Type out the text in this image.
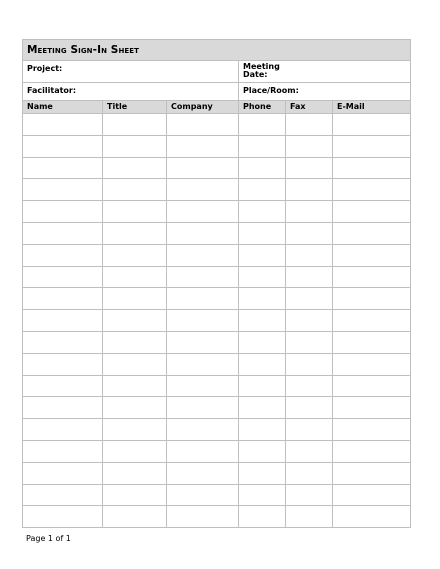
Meeting Sign-In Sheet	
Project:	Meeting
Date:

Facilitator:	Place/Room:
Name	Title	Company	Phone	Fax	E-Mail

Page 1 of 1
